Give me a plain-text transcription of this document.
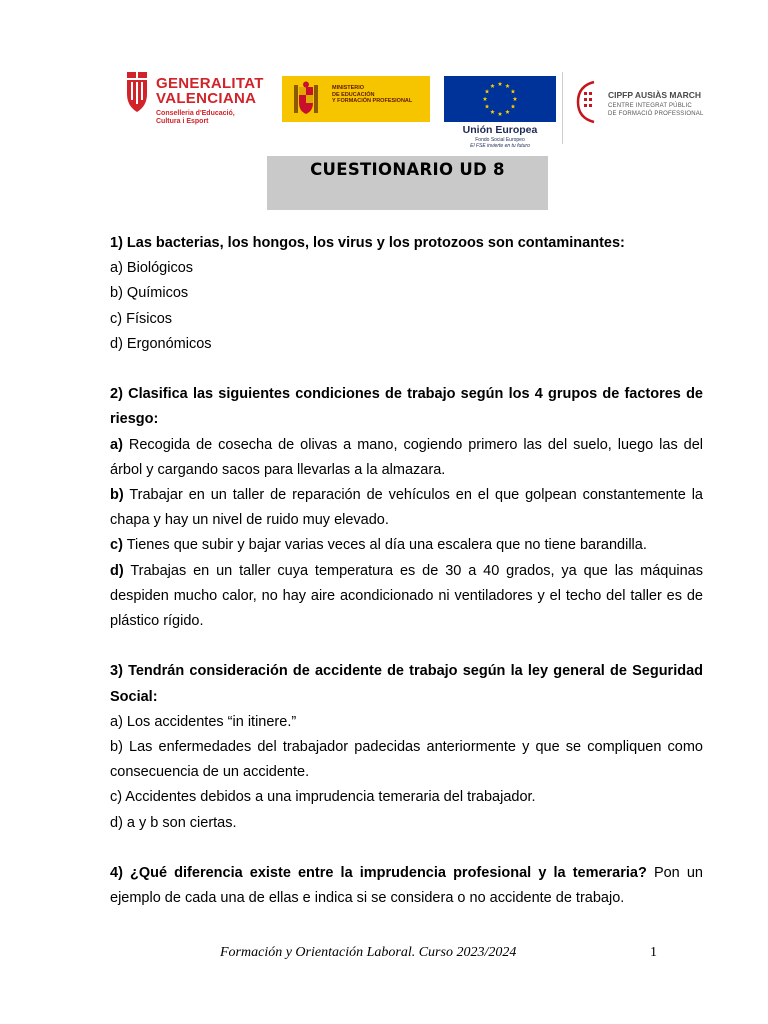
GENERALITAT
VALENCIANA
Conselleria d'Educació,
Cultura i Esport
MINISTERIO
DE EDUCACIÓN
Y FORMACIÓN PROFESIONAL
Unión Europea
Fondo Social Europeo
El FSE invierte en tu futuro
CIPFP AUSIÀS MARCH
CENTRE INTEGRAT PÚBLIC
DE FORMACIÓ PROFESSIONAL
CUESTIONARIO UD 8

1) Las bacterias, los hongos, los virus y los protozoos son contaminantes:

a) Biológicos

b) Químicos

c) Físicos

d) Ergonómicos

2) Clasifica las siguientes condiciones de trabajo según los 4 grupos de factores de riesgo:

a) Recogida de cosecha de olivas a mano, cogiendo primero las del suelo, luego las del árbol y cargando sacos para llevarlas a la almazara.

b) Trabajar en un taller de reparación de vehículos en el que golpean constantemente la chapa y hay un nivel de ruido muy elevado.

c) Tienes que subir y bajar varias veces al día una escalera que no tiene barandilla.

d) Trabajas en un taller cuya temperatura es de 30 a 40 grados, ya que las máquinas despiden mucho calor, no hay aire acondicionado ni ventiladores y el techo del taller es de plástico rígido.

3) Tendrán consideración de accidente de trabajo según la ley general de Seguridad Social:

a) Los accidentes “in itinere.”

b) Las enfermedades del trabajador padecidas anteriormente y que se compliquen como consecuencia de un accidente.

c) Accidentes debidos a una imprudencia temeraria del trabajador.

d) a y b son ciertas.

4) ¿Qué diferencia existe entre la imprudencia profesional y la temeraria? Pon un ejemplo de cada una de ellas e indica si se considera o no accidente de trabajo.

Formación y Orientación Laboral. Curso 2023/2024	1
